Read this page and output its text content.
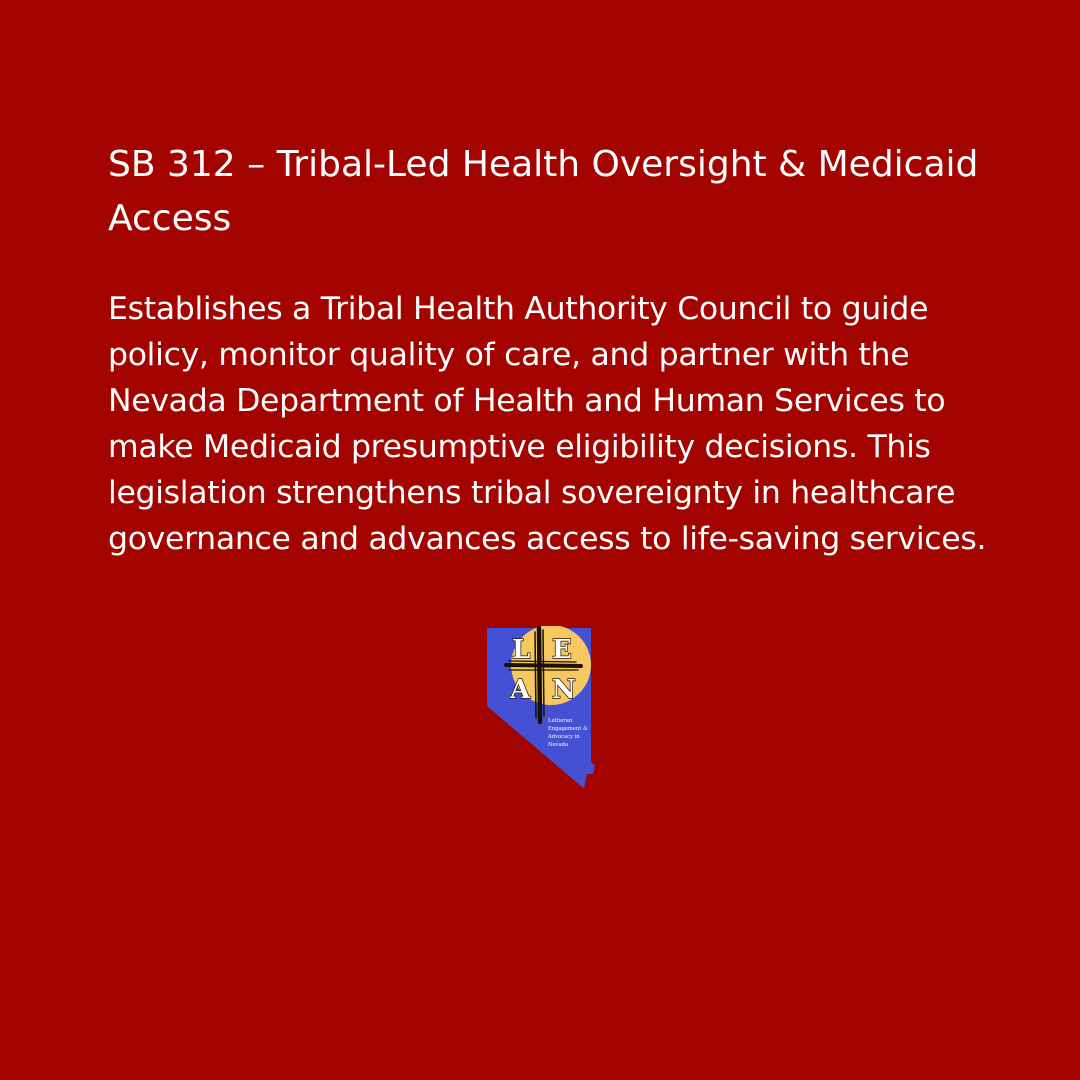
SB 312 – Tribal-Led Health Oversight & Medicaid Access

Establishes a Tribal Health Authority Council to guide policy, monitor quality of care, and partner with the Nevada Department of Health and Human Services to make Medicaid presumptive eligibility decisions. This legislation strengthens tribal sovereignty in healthcare governance and advances access to life-saving services.

L E
A N
Lutheran
Engagement &
Advocacy in
Nevada
